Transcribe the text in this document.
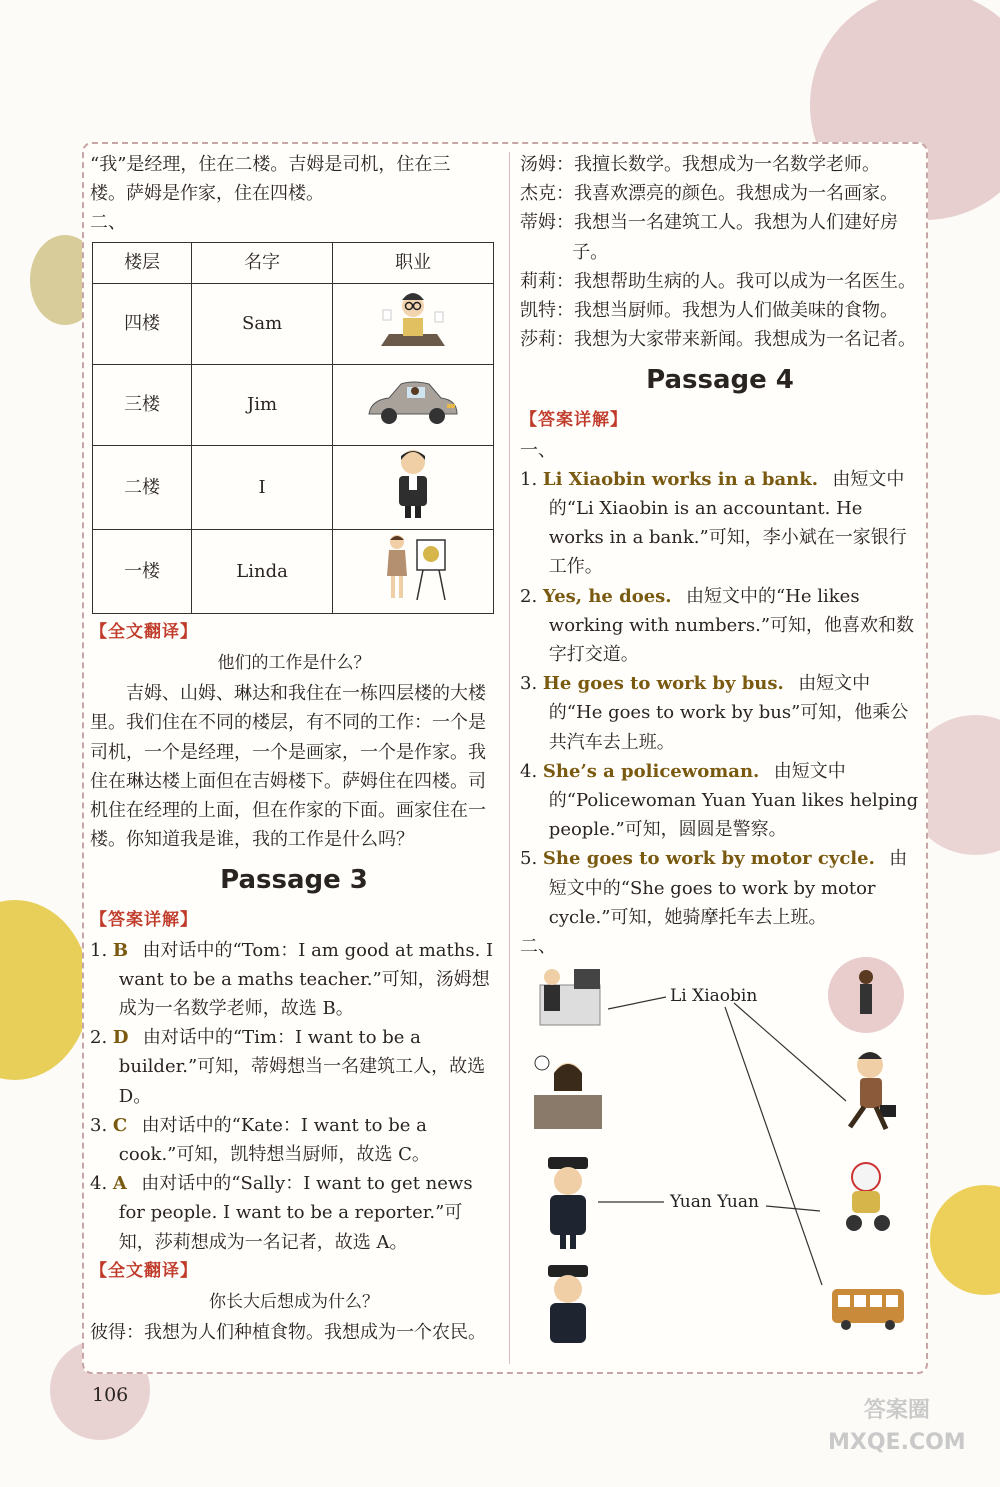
“我”是经理，住在二楼。吉姆是司机，住在三

楼。萨姆是作家，住在四楼。

二、

楼层	名字	职业
四楼	Sam	
三楼	Jim	
二楼	I	
一楼	Linda	

【全文翻译】

他们的工作是什么？

吉姆、山姆、琳达和我住在一栋四层楼的大楼里。我们住在不同的楼层，有不同的工作：一个是司机，一个是经理，一个是画家，一个是作家。我住在琳达楼上面但在吉姆楼下。萨姆住在四楼。司机住在经理的上面，但在作家的下面。画家住在一楼。你知道我是谁，我的工作是什么吗？

Passage 3

【答案详解】

1. B 由对话中的“Tom：I am good at maths. I want to be a maths teacher.”可知，汤姆想成为一名数学老师，故选 B。

2. D 由对话中的“Tim：I want to be a builder.”可知，蒂姆想当一名建筑工人，故选 D。

3. C 由对话中的“Kate：I want to be a cook.”可知，凯特想当厨师，故选 C。

4. A 由对话中的“Sally：I want to get news for people. I want to be a reporter.”可知，莎莉想成为一名记者，故选 A。

【全文翻译】

你长大后想成为什么？

彼得：我想为人们种植食物。我想成为一个农民。

汤姆：我擅长数学。我想成为一名数学老师。

杰克：我喜欢漂亮的颜色。我想成为一名画家。

蒂姆：我想当一名建筑工人。我想为人们建好房子。

莉莉：我想帮助生病的人。我可以成为一名医生。

凯特：我想当厨师。我想为人们做美味的食物。

莎莉：我想为大家带来新闻。我想成为一名记者。

Passage 4

【答案详解】

一、

1. Li Xiaobin works in a bank. 由短文中的“Li Xiaobin is an accountant. He works in a bank.”可知，李小斌在一家银行工作。

2. Yes, he does. 由短文中的“He likes working with numbers.”可知，他喜欢和数字打交道。

3. He goes to work by bus. 由短文中的“He goes to work by bus”可知，他乘公共汽车去上班。

4. She’s a policewoman. 由短文中的“Policewoman Yuan Yuan likes helping people.”可知，圆圆是警察。

5. She goes to work by motor cycle. 由短文中的“She goes to work by motor cycle.”可知，她骑摩托车去上班。

二、

Li Xiaobin
Yuan Yuan
106
答案圈
MXQE.COM
